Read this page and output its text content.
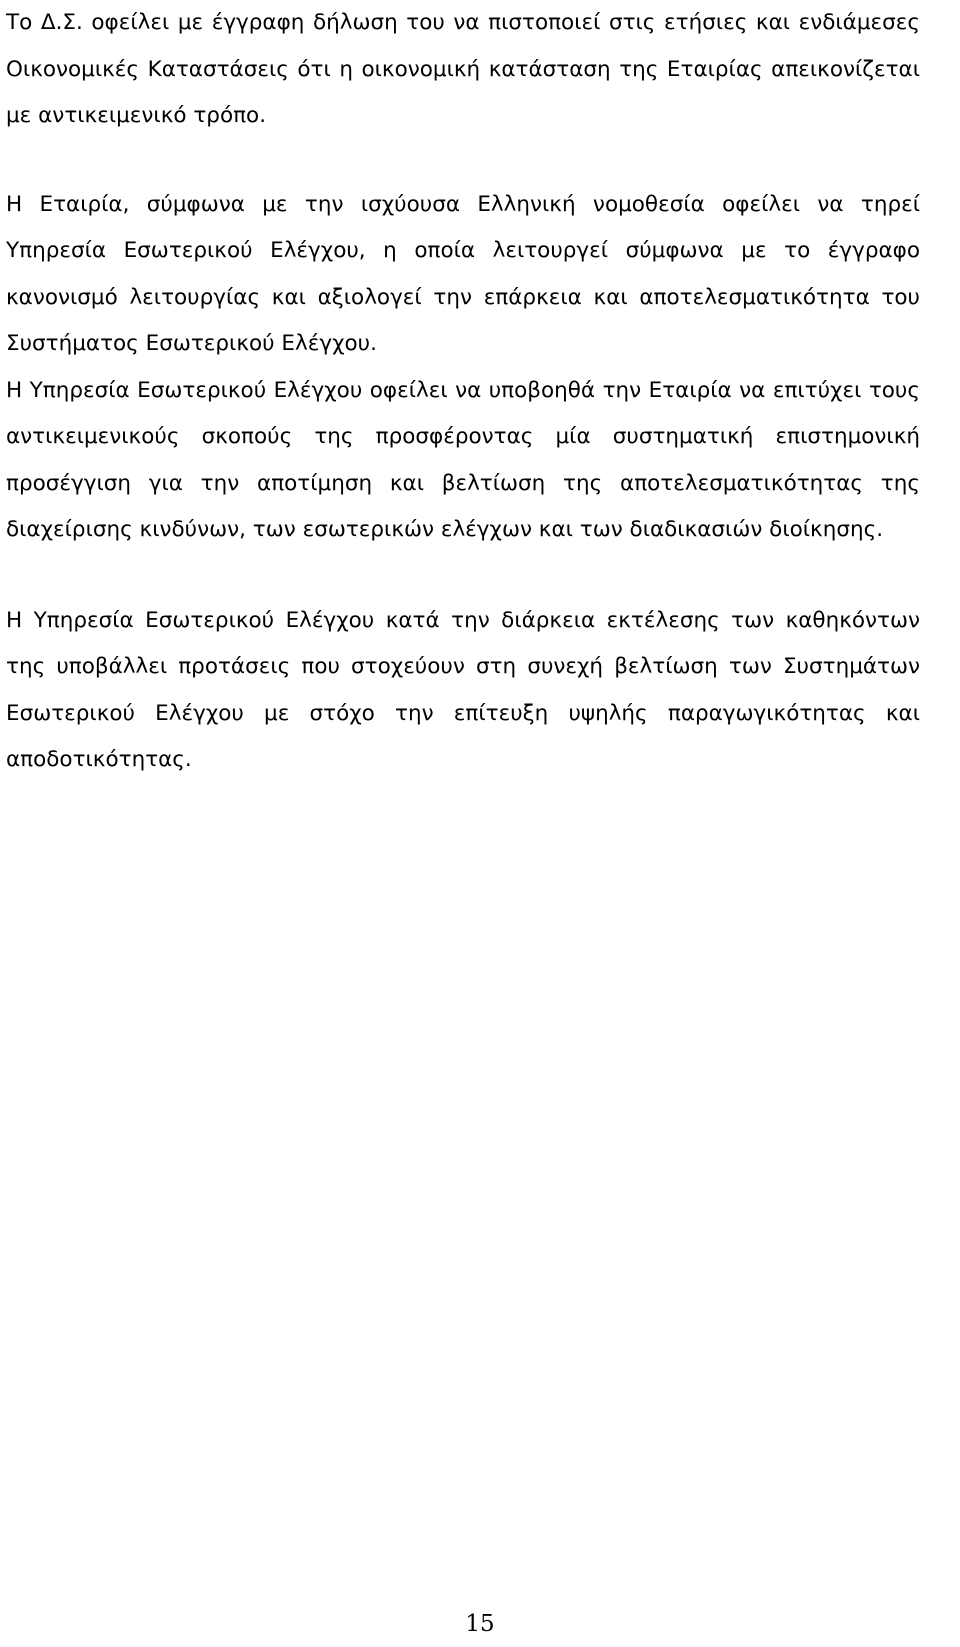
Το Δ.Σ. οφείλει με έγγραφη δήλωση του να πιστοποιεί στις ετήσιες και ενδιάμεσες Οικονομικές Καταστάσεις ότι η οικονομική κατάσταση της Εταιρίας απεικονίζεται με αντικειμενικό τρόπο.

Η Εταιρία, σύμφωνα με την ισχύουσα Ελληνική νομοθεσία οφείλει να τηρεί Υπηρεσία Εσωτερικού Ελέγχου, η οποία λειτουργεί σύμφωνα με το έγγραφο κανονισμό λειτουργίας και αξιολογεί την επάρκεια και αποτελεσματικότητα του Συστήματος Εσωτερικού Ελέγχου.

Η Υπηρεσία Εσωτερικού Ελέγχου οφείλει να υποβοηθά την Εταιρία να επιτύχει τους αντικειμενικούς σκοπούς της προσφέροντας μία συστηματική επιστημονική προσέγγιση για την αποτίμηση και βελτίωση της αποτελεσματικότητας της διαχείρισης κινδύνων, των εσωτερικών ελέγχων και των διαδικασιών διοίκησης.

Η Υπηρεσία Εσωτερικού Ελέγχου κατά την διάρκεια εκτέλεσης των καθηκόντων της υποβάλλει προτάσεις που στοχεύουν στη συνεχή βελτίωση των Συστημάτων Εσωτερικού Ελέγχου με στόχο την επίτευξη υψηλής παραγωγικότητας και αποδοτικότητας.

15
